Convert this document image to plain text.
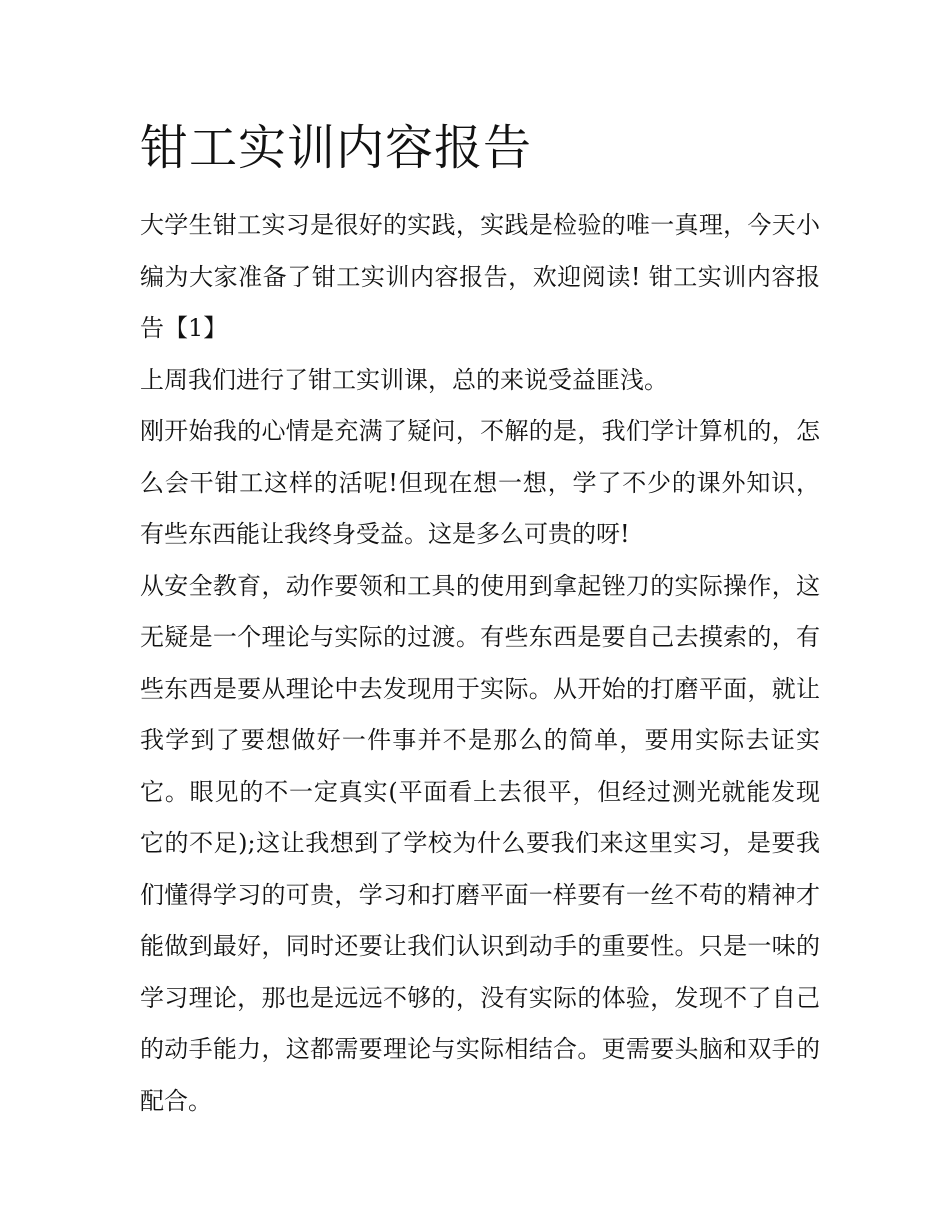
钳工实训内容报告

大学生钳工实习是很好的实践，实践是检验的唯一真理，今天小编为大家准备了钳工实训内容报告，欢迎阅读! 钳工实训内容报告【1】

上周我们进行了钳工实训课，总的来说受益匪浅。

刚开始我的心情是充满了疑问，不解的是，我们学计算机的，怎么会干钳工这样的活呢!但现在想一想，学了不少的课外知识，有些东西能让我终身受益。这是多么可贵的呀!

从安全教育，动作要领和工具的使用到拿起锉刀的实际操作，这无疑是一个理论与实际的过渡。有些东西是要自己去摸索的，有些东西是要从理论中去发现用于实际。从开始的打磨平面，就让我学到了要想做好一件事并不是那么的简单，要用实际去证实它。眼见的不一定真实(平面看上去很平，但经过测光就能发现它的不足);这让我想到了学校为什么要我们来这里实习，是要我们懂得学习的可贵，学习和打磨平面一样要有一丝不苟的精神才能做到最好，同时还要让我们认识到动手的重要性。只是一味的学习理论，那也是远远不够的，没有实际的体验，发现不了自己的动手能力，这都需要理论与实际相结合。更需要头脑和双手的配合。
